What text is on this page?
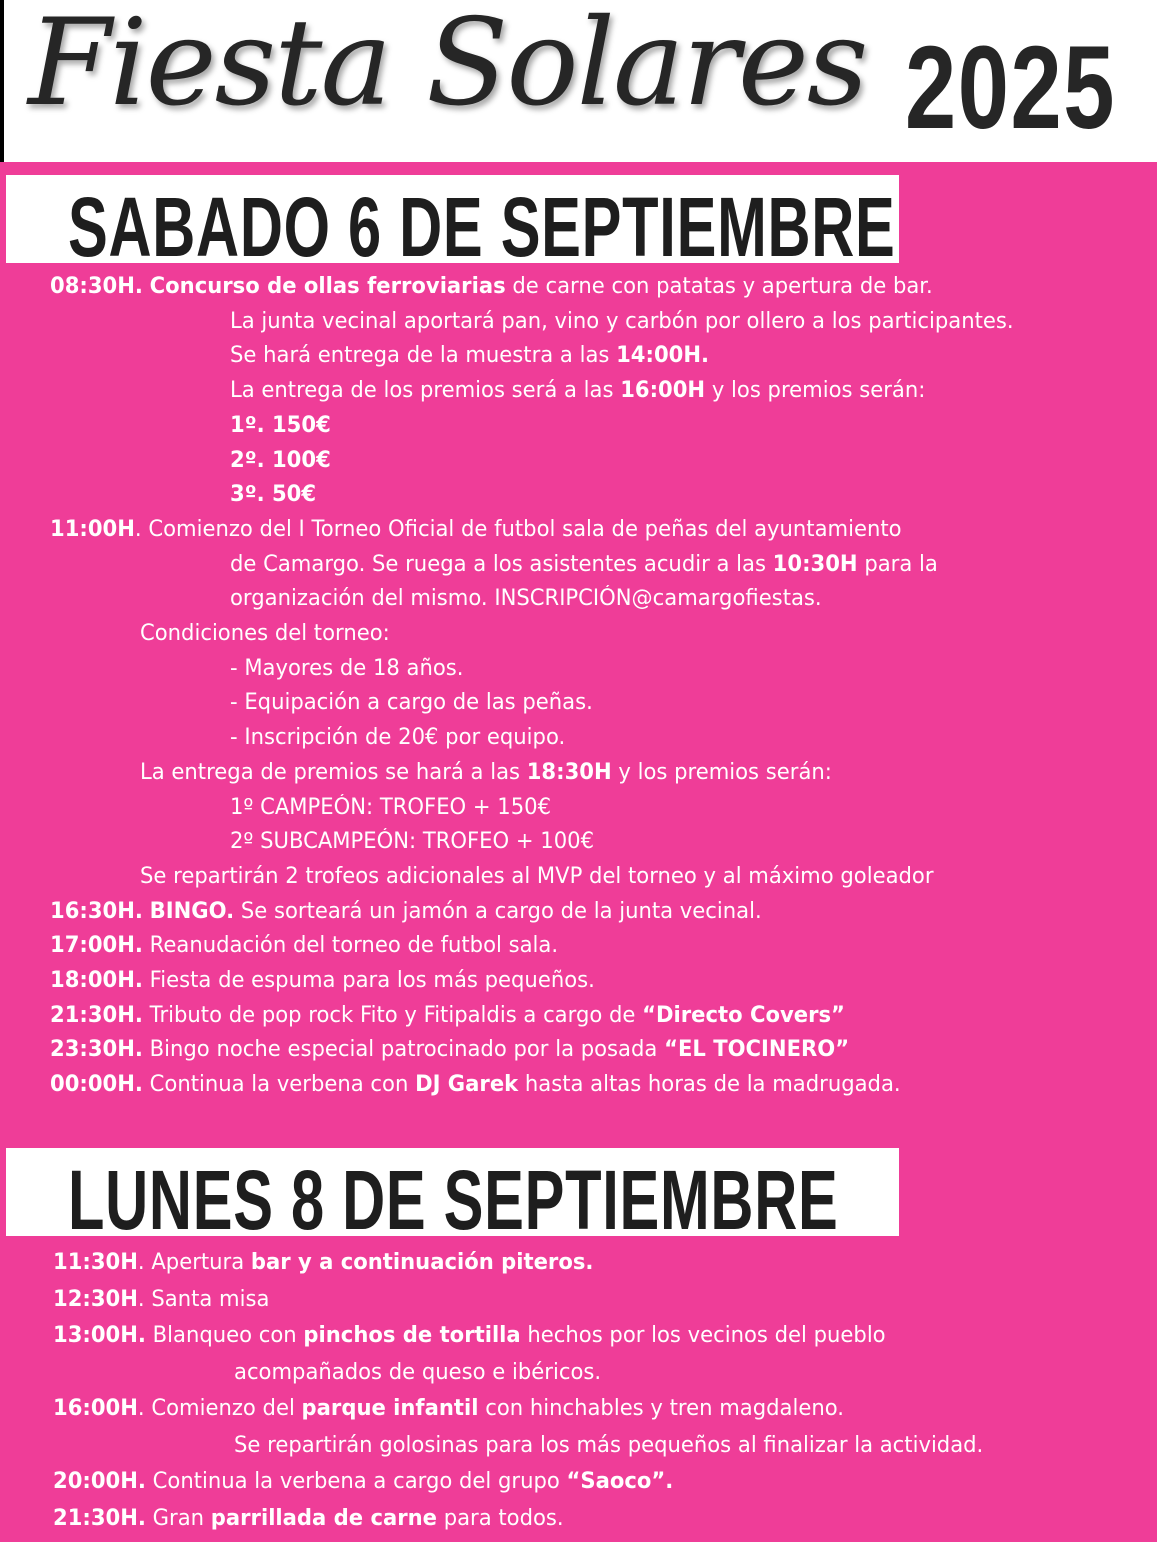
Fiesta Solares 2025
SABADO 6 DE SEPTIEMBRE
08:30H. Concurso de ollas ferroviarias de carne con patatas y apertura de bar.
La junta vecinal aportará pan, vino y carbón por ollero a los participantes.
Se hará entrega de la muestra a las 14:00H.
La entrega de los premios será a las 16:00H y los premios serán:
1º. 150€
2º. 100€
3º. 50€
11:00H. Comienzo del I Torneo Oficial de futbol sala de peñas del ayuntamiento
de Camargo. Se ruega a los asistentes acudir a las 10:30H para la
organización del mismo. INSCRIPCIÓN@camargofiestas.
Condiciones del torneo:
- Mayores de 18 años.
- Equipación a cargo de las peñas.
- Inscripción de 20€ por equipo.
La entrega de premios se hará a las 18:30H y los premios serán:
1º CAMPEÓN: TROFEO + 150€
2º SUBCAMPEÓN: TROFEO + 100€
Se repartirán 2 trofeos adicionales al MVP del torneo y al máximo goleador
16:30H. BINGO. Se sorteará un jamón a cargo de la junta vecinal.
17:00H. Reanudación del torneo de futbol sala.
18:00H. Fiesta de espuma para los más pequeños.
21:30H. Tributo de pop rock Fito y Fitipaldis a cargo de “Directo Covers”
23:30H. Bingo noche especial patrocinado por la posada “EL TOCINERO”
00:00H. Continua la verbena con DJ Garek hasta altas horas de la madrugada.
LUNES 8 DE SEPTIEMBRE
11:30H. Apertura bar y a continuación piteros.
12:30H. Santa misa
13:00H. Blanqueo con pinchos de tortilla hechos por los vecinos del pueblo
acompañados de queso e ibéricos.
16:00H. Comienzo del parque infantil con hinchables y tren magdaleno.
Se repartirán golosinas para los más pequeños al finalizar la actividad.
20:00H. Continua la verbena a cargo del grupo “Saoco”.
21:30H. Gran parrillada de carne para todos.
